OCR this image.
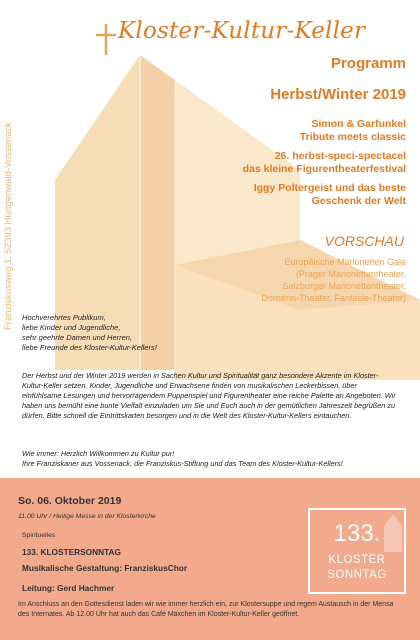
Kloster-Kultur-Keller
Programm
Herbst/Winter 2019
Simon & Garfunkel
Tribute meets classic
26. herbst-speci-spectacel
das kleine Figurentheaterfestival
Iggy Poltergeist und das beste
Geschenk der Welt
VORSCHAU
Europäische Marionetten Gala
(Prager Marionettentheater,
Salzburger Marionettentheater,
Dornerei-Theater, Fantasie-Theater)
Franziskusweg 1, 52393 Hürtgenwald-Vossenack Hochverehrtes Publikum,
liebe Kinder und Jugendliche,
sehr geehrte Damen und Herren,
liebe Freunde des Kloster-Kultur-Kellers!
Der Herbst und der Winter 2019 werden in Sachen Kultur und Spiritualität ganz besondere Akzente im Kloster-Kultur-Keller setzen. Kinder, Jugendliche und Erwachsene finden von musikalischen Leckerbissen, über einfühlsame Lesungen und hervorragendem Puppenspiel und Figurentheater eine reiche Palette an Angeboten. Wir haben uns bemüht eine bunte Vielfalt einzuladen um Sie und Euch auch in der gemütlichen Jahreszeit begrüßen zu dürfen. Bitte schnell die Eintrittskarten besorgen und in die Welt des Kloster-Kultur-Kellers eintauchen.
Wie immer: Herzlich Willkommen zu Kultur pur!
Ihre Franziskaner aus Vossenack, die Franziskus-Stiftung und das Team des Kloster-Kultur-Kellers!
So. 06. Oktober 2019
11.00 Uhr / Heilige Messe in der Klosterkirche
Spirituelles
133. KLOSTERSONNTAG
Musikalische Gestaltung: FranziskusChor
Leitung: Gerd Hachmer
Im Anschluss an den Gottesdienst laden wir wie immer herzlich ein, zur Klostersuppe und regem Austausch in der Mensa des Internates. Ab 12.00 Uhr hat auch das Café Mäxchen im Kloster-Kultur-Keller geöffnet.
133.
KLOSTER
SONNTAG
